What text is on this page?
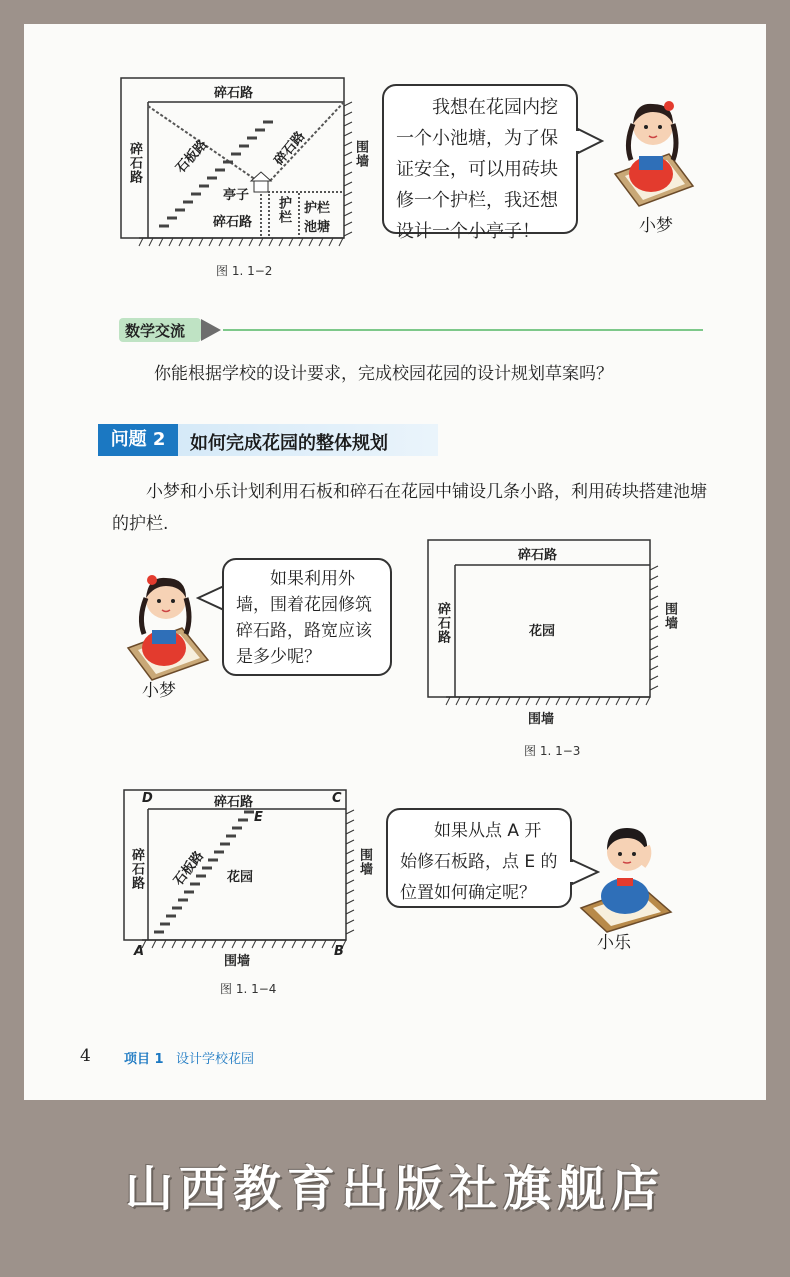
碎石路
碎石路	围墙
石板路	碎石路
亭子
碎石路 护栏 护栏
池塘
图 1. 1−2
我想在花园内挖一个小池塘，为了保证安全，可以用砖块修一个护栏，我还想设计一个小亭子！	小梦
数学交流
你能根据学校的设计要求，完成校园花园的设计规划草案吗？
问题 2	如何完成花园的整体规划
小梦和小乐计划利用石板和碎石在花园中铺设几条小路，利用砖块搭建池塘的护栏.
小梦
如果利用外墙，围着花园修筑碎石路，路宽应该是多少呢？
碎石路
碎石路	花园
围墙
围墙
图 1. 1−3
碎石路
碎石路 石板路 花园
围墙
围墙
D	C
E
A	B
图 1. 1−4
如果从点 A 开始修石板路，点 E 的位置如何确定呢？
小乐
4	项目 1 设计学校花园
山西教育出版社旗舰店
